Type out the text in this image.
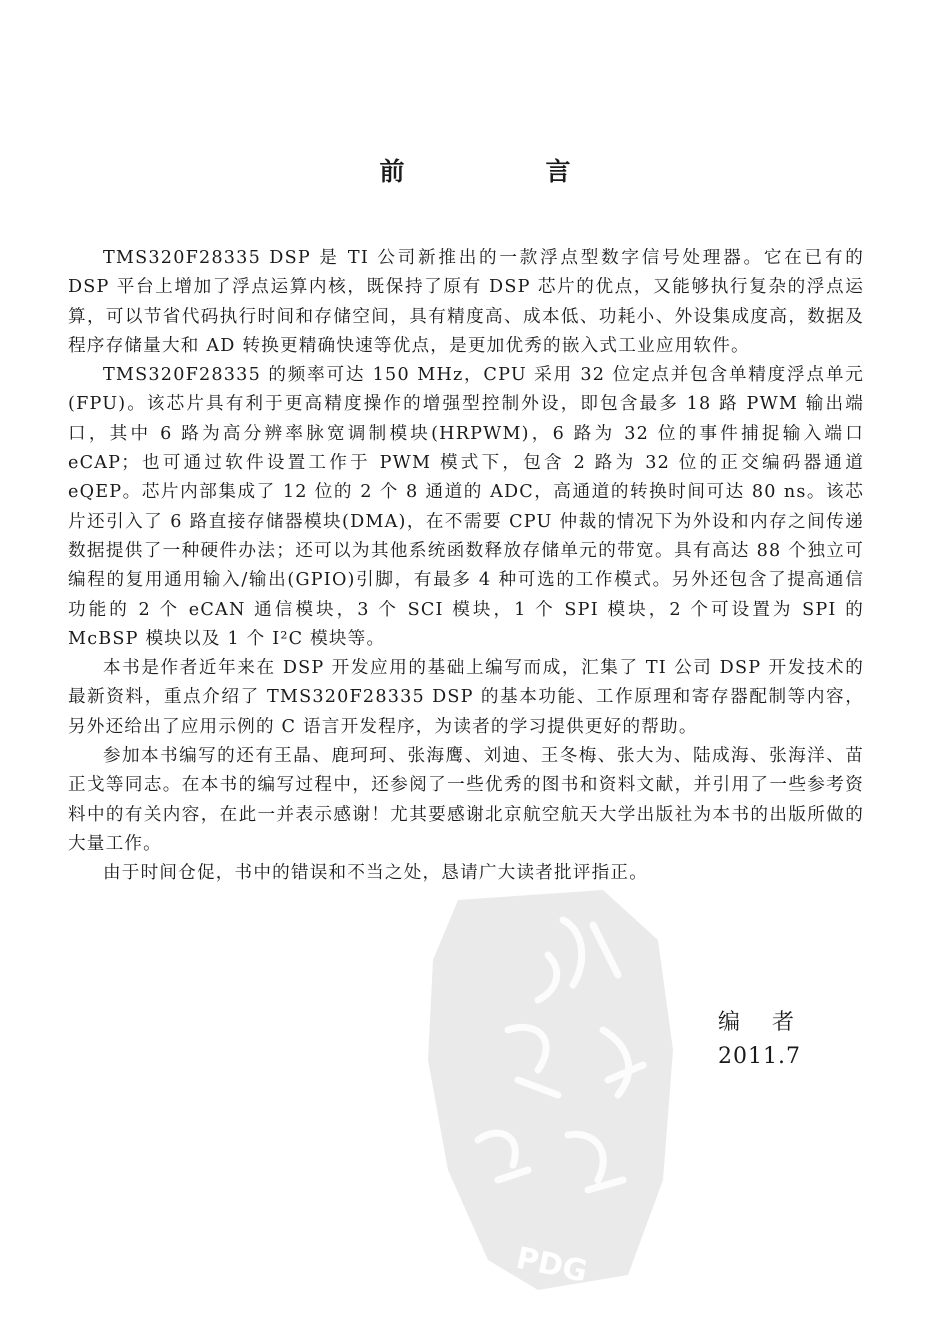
PDG
前　言

TMS320F28335 DSP 是 TI 公司新推出的一款浮点型数字信号处理器。它在已有的 DSP 平台上增加了浮点运算内核，既保持了原有 DSP 芯片的优点，又能够执行复杂的浮点运算，可以节省代码执行时间和存储空间，具有精度高、成本低、功耗小、外设集成度高，数据及程序存储量大和 AD 转换更精确快速等优点，是更加优秀的嵌入式工业应用软件。

TMS320F28335 的频率可达 150 MHz，CPU 采用 32 位定点并包含单精度浮点单元(FPU)。该芯片具有利于更高精度操作的增强型控制外设，即包含最多 18 路 PWM 输出端口，其中 6 路为高分辨率脉宽调制模块(HRPWM)，6 路为 32 位的事件捕捉输入端口 eCAP；也可通过软件设置工作于 PWM 模式下，包含 2 路为 32 位的正交编码器通道 eQEP。芯片内部集成了 12 位的 2 个 8 通道的 ADC，高通道的转换时间可达 80 ns。该芯片还引入了 6 路直接存储器模块(DMA)，在不需要 CPU 仲裁的情况下为外设和内存之间传递数据提供了一种硬件办法；还可以为其他系统函数释放存储单元的带宽。具有高达 88 个独立可编程的复用通用输入/输出(GPIO)引脚，有最多 4 种可选的工作模式。另外还包含了提高通信功能的 2 个 eCAN 通信模块，3 个 SCI 模块，1 个 SPI 模块，2 个可设置为 SPI 的 McBSP 模块以及 1 个 I²C 模块等。

本书是作者近年来在 DSP 开发应用的基础上编写而成，汇集了 TI 公司 DSP 开发技术的最新资料，重点介绍了 TMS320F28335 DSP 的基本功能、工作原理和寄存器配制等内容，另外还给出了应用示例的 C 语言开发程序，为读者的学习提供更好的帮助。

参加本书编写的还有王晶、鹿珂珂、张海鹰、刘迪、王冬梅、张大为、陆成海、张海洋、苗正戈等同志。在本书的编写过程中，还参阅了一些优秀的图书和资料文献，并引用了一些参考资料中的有关内容，在此一并表示感谢！尤其要感谢北京航空航天大学出版社为本书的出版所做的大量工作。

由于时间仓促，书中的错误和不当之处，恳请广大读者批评指正。

编者
2011.7
